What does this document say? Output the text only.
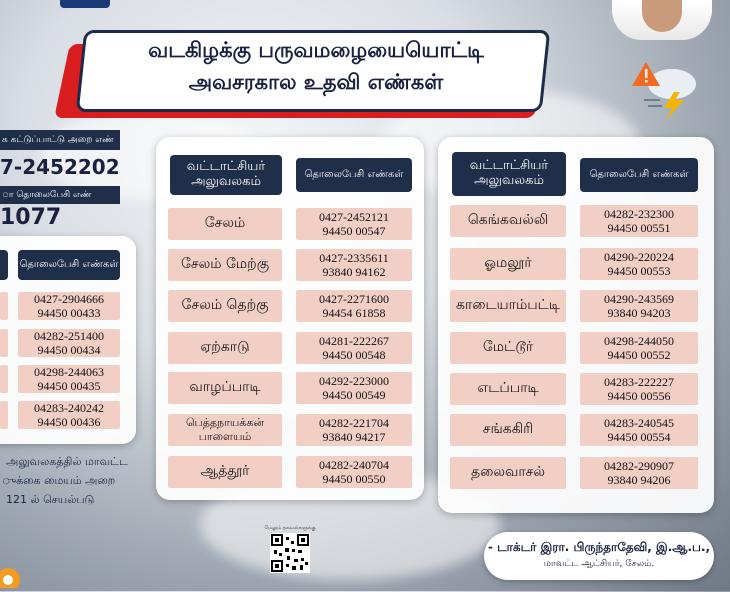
வடகிழக்கு பருவமழையையொட்டி
அவசரகால உதவி எண்கள்
க கட்டுப்பாட்டு அறை எண்
7-2452202
ா தொலைபேசி எண்
1077
தொலைபேசி எண்கள்
0427-2904666
94450 00433
04282-251400
94450 00434
04298-244063
94450 00435
04283-240242
94450 00436
அலுவலகத்தில் மாவட்ட
ுக்கை மையம் அறை
121 ல் செயல்படு
வட்டாட்சியர் அலுவலகம்	தொலைபேசி எண்கள்
சேலம்	0427-2452121
94450 00547
சேலம் மேற்கு	0427-2335611
93840 94162
சேலம் தெற்கு	0427-2271600
94454 61858
ஏற்காடு	04281-222267
94450 00548
வாழப்பாடி	04292-223000
94450 00549
பெத்தநாயக்கன் பாளையம்
04282-221704
93840 94217
ஆத்தூர்	04282-240704
94450 00550
வட்டாட்சியர் அலுவலகம்	தொலைபேசி எண்கள்
கெங்கவல்லி	04282-232300
94450 00551
ஓமலூர்	04290-220224
94450 00553
காடையாம்பட்டி	04290-243569
93840 94203
மேட்டூர்	04298-244050
94450 00552
எடப்பாடி	04283-222227
94450 00556
சங்ககிரி	04283-240545
94450 00554
தலைவாசல்	04282-290907
93840 94206
மேலும் தகவல்களுக்கு
- டாக்டர் இரா. பிருந்தாதேவி, இ.ஆ.ப.,
மாவட்ட ஆட்சியர், சேலம்.
